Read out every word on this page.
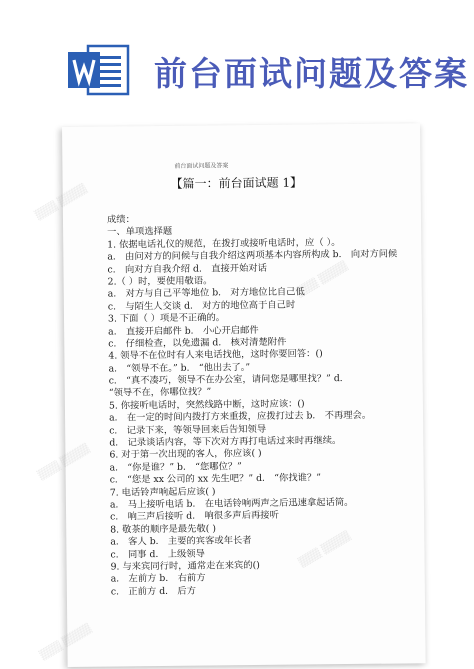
前台面试问题及答案
▒▒▒ ▒▒▒▒
▒▒▒ ▒▒▒▒
▒▒▒ ▒▒▒▒
▒▒▒ ▒▒▒▒
▒▒▒ ▒▒▒▒
前台面试问题及答案
【篇一：前台面试题 1】
成绩：
一、单项选择题
1. 依据电话礼仪的规范，在拨打或接听电话时，应（ ）。
a． 由问对方的问候与自我介绍这两项基本内容所构成 b． 向对方问候
c． 向对方自我介绍 d． 直接开始对话
2.（ ）时，要使用敬语。
a． 对方与自己平等地位 b． 对方地位比自己低
c． 与陌生人交谈 d． 对方的地位高于自己时
3. 下面（ ）项是不正确的。
a． 直接开启邮件 b． 小心开启邮件
c． 仔细检查，以免遗漏 d． 核对清楚附件
4. 领导不在位时有人来电话找他，这时你要回答：()
a． “领导不在。” b． “他出去了。”
c． “真不凑巧，领导不在办公室，请问您是哪里找？” d．
“领导不在，你哪位找？”
5. 你接听电话时，突然线路中断，这时应该：()
a． 在一定的时间内拨打方来重拨，应拨打过去 b． 不再理会。
c． 记录下来，等领导回来后告知领导
d． 记录谈话内容，等下次对方再打电话过来时再继续。
6. 对于第一次出现的客人，你应该( )
a． “你是谁？” b． “您哪位？”
c． “您是 xx 公司的 xx 先生吧？” d． “你找谁？”
7. 电话铃声响起后应该( )
a． 马上接听电话 b． 在电话铃响两声之后迅速拿起话筒。
c． 响三声后接听 d． 响很多声后再接听
8. 敬茶的顺序是最先敬( )
a． 客人 b． 主要的宾客或年长者
c． 同事 d． 上级领导
9. 与来宾同行时，通常走在来宾的()
a． 左前方 b． 右前方
c． 正前方 d． 后方
